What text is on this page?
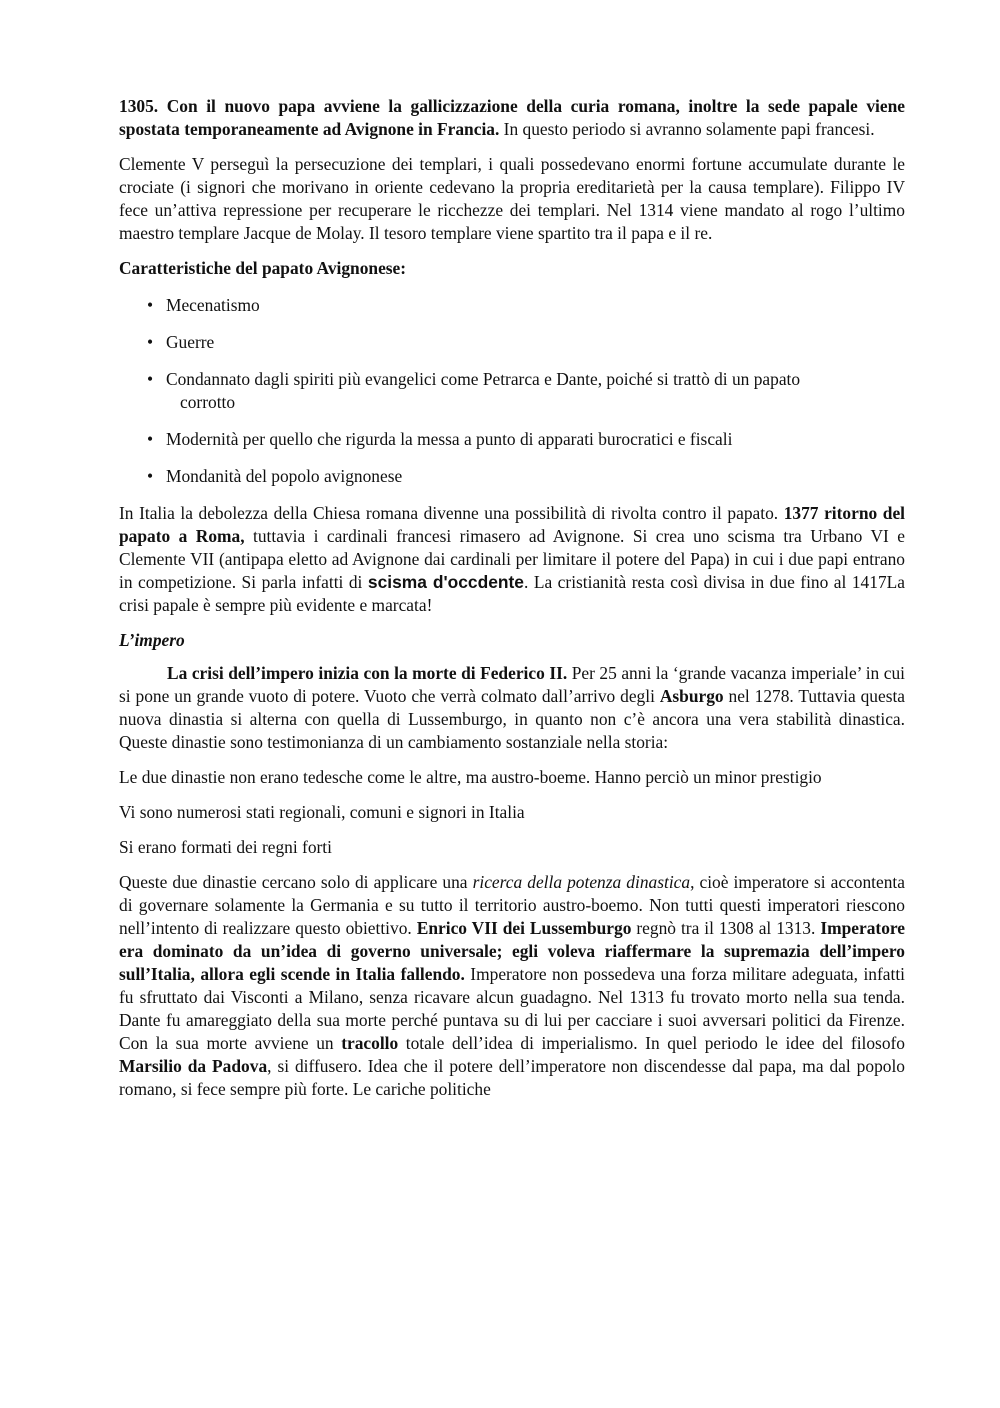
1305. Con il nuovo papa avviene la gallicizzazione della curia romana, inoltre la sede papale viene spostata temporaneamente ad Avignone in Francia. In questo periodo si avranno solamente papi francesi.

Clemente V perseguì la persecuzione dei templari, i quali possedevano enormi fortune accumulate durante le crociate (i signori che morivano in oriente cedevano la propria ereditarietà per la causa templare). Filippo IV fece un’attiva repressione per recuperare le ricchezze dei templari. Nel 1314 viene mandato al rogo l’ultimo maestro templare Jacque de Molay. Il tesoro templare viene spartito tra il papa e il re.

Caratteristiche del papato Avignonese:

• Mecenatismo
• Guerre
• Condannato dagli spiriti più evangelici come Petrarca e Dante, poiché si trattò di un papato
corrotto
• Modernità per quello che rigurda la messa a punto di apparati burocratici e fiscali
• Mondanità del popolo avignonese

In Italia la debolezza della Chiesa romana divenne una possibilità di rivolta contro il papato. 1377 ritorno del papato a Roma, tuttavia i cardinali francesi rimasero ad Avignone. Si crea uno scisma tra Urbano VI e Clemente VII (antipapa eletto ad Avignone dai cardinali per limitare il potere del Papa) in cui i due papi entrano in competizione. Si parla infatti di scisma d'occdente. La cristianità resta così divisa in due fino al 1417La crisi papale è sempre più evidente e marcata!

L’impero

La crisi dell’impero inizia con la morte di Federico II. Per 25 anni la ‘grande vacanza imperiale’ in cui si pone un grande vuoto di potere. Vuoto che verrà colmato dall’arrivo degli Asburgo nel 1278. Tuttavia questa nuova dinastia si alterna con quella di Lussemburgo, in quanto non c’è ancora una vera stabilità dinastica. Queste dinastie sono testimonianza di un cambiamento sostanziale nella storia:

Le due dinastie non erano tedesche come le altre, ma austro-boeme. Hanno perciò un minor prestigio

Vi sono numerosi stati regionali, comuni e signori in Italia

Si erano formati dei regni forti

Queste due dinastie cercano solo di applicare una ricerca della potenza dinastica, cioè imperatore si accontenta di governare solamente la Germania e su tutto il territorio austro-boemo. Non tutti questi imperatori riescono nell’intento di realizzare questo obiettivo. Enrico VII dei Lussemburgo regnò tra il 1308 al 1313. Imperatore era dominato da un’idea di governo universale; egli voleva riaffermare la supremazia dell’impero sull’Italia, allora egli scende in Italia fallendo. Imperatore non possedeva una forza militare adeguata, infatti fu sfruttato dai Visconti a Milano, senza ricavare alcun guadagno. Nel 1313 fu trovato morto nella sua tenda. Dante fu amareggiato della sua morte perché puntava su di lui per cacciare i suoi avversari politici da Firenze. Con la sua morte avviene un tracollo totale dell’idea di imperialismo. In quel periodo le idee del filosofo Marsilio da Padova, si diffusero. Idea che il potere dell’imperatore non discendesse dal papa, ma dal popolo romano, si fece sempre più forte. Le cariche politiche
